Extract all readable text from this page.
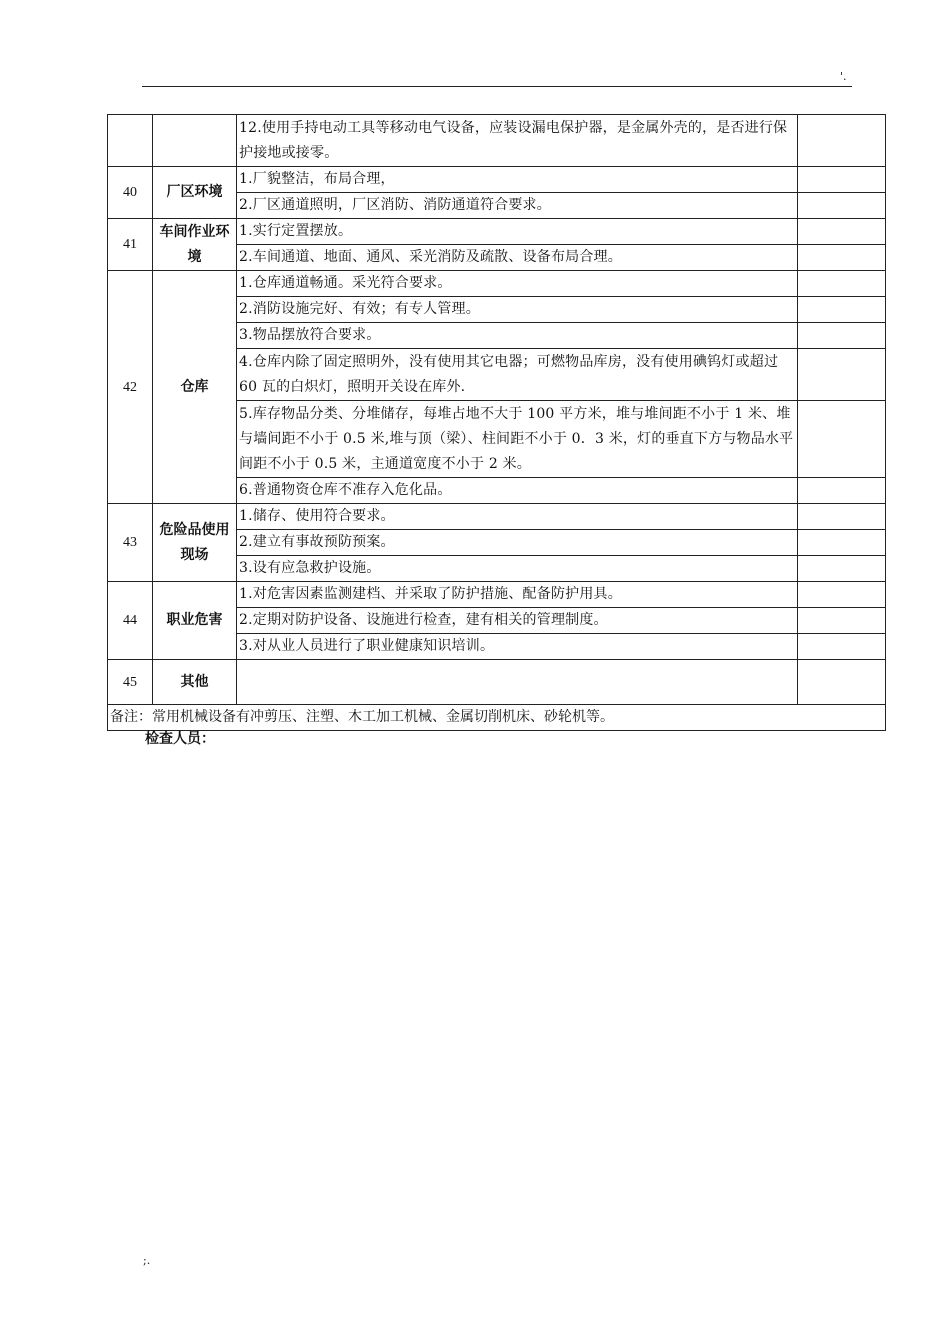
'.
		12.使用手持电动工具等移动电气设备，应装设漏电保护器，是金属外壳的，是否进行保护接地或接零。	
40	厂区环境	1.厂貌整洁，布局合理，	
		2.厂区通道照明，厂区消防、消防通道符合要求。	
41	车间作业环境	1.实行定置摆放。	
		2.车间通道、地面、通风、采光消防及疏散、设备布局合理。	
42	仓库	1.仓库通道畅通。采光符合要求。	
		2.消防设施完好、有效；有专人管理。	
		3.物品摆放符合要求。	
		4.仓库内除了固定照明外，没有使用其它电器；可燃物品库房，没有使用碘钨灯或超过 60 瓦的白炽灯，照明开关设在库外.	
		5.库存物品分类、分堆储存，每堆占地不大于 100 平方米，堆与堆间距不小于 1 米、堆与墙间距不小于 0.5 米,堆与顶（梁）、柱间距不小于 0．3 米，灯的垂直下方与物品水平间距不小于 0.5 米，主通道宽度不小于 2 米。	
		6.普通物资仓库不准存入危化品。	
43	危险品使用现场	1.储存、使用符合要求。	
		2.建立有事故预防预案。	
		3.设有应急救护设施。	
44	职业危害	1.对危害因素监测建档、并采取了防护措施、配备防护用具。	
		2.定期对防护设备、设施进行检查，建有相关的管理制度。	
		3.对从业人员进行了职业健康知识培训。	
45	其他		
备注：常用机械设备有冲剪压、注塑、木工加工机械、金属切削机床、砂轮机等。			
检查人员：
;.
